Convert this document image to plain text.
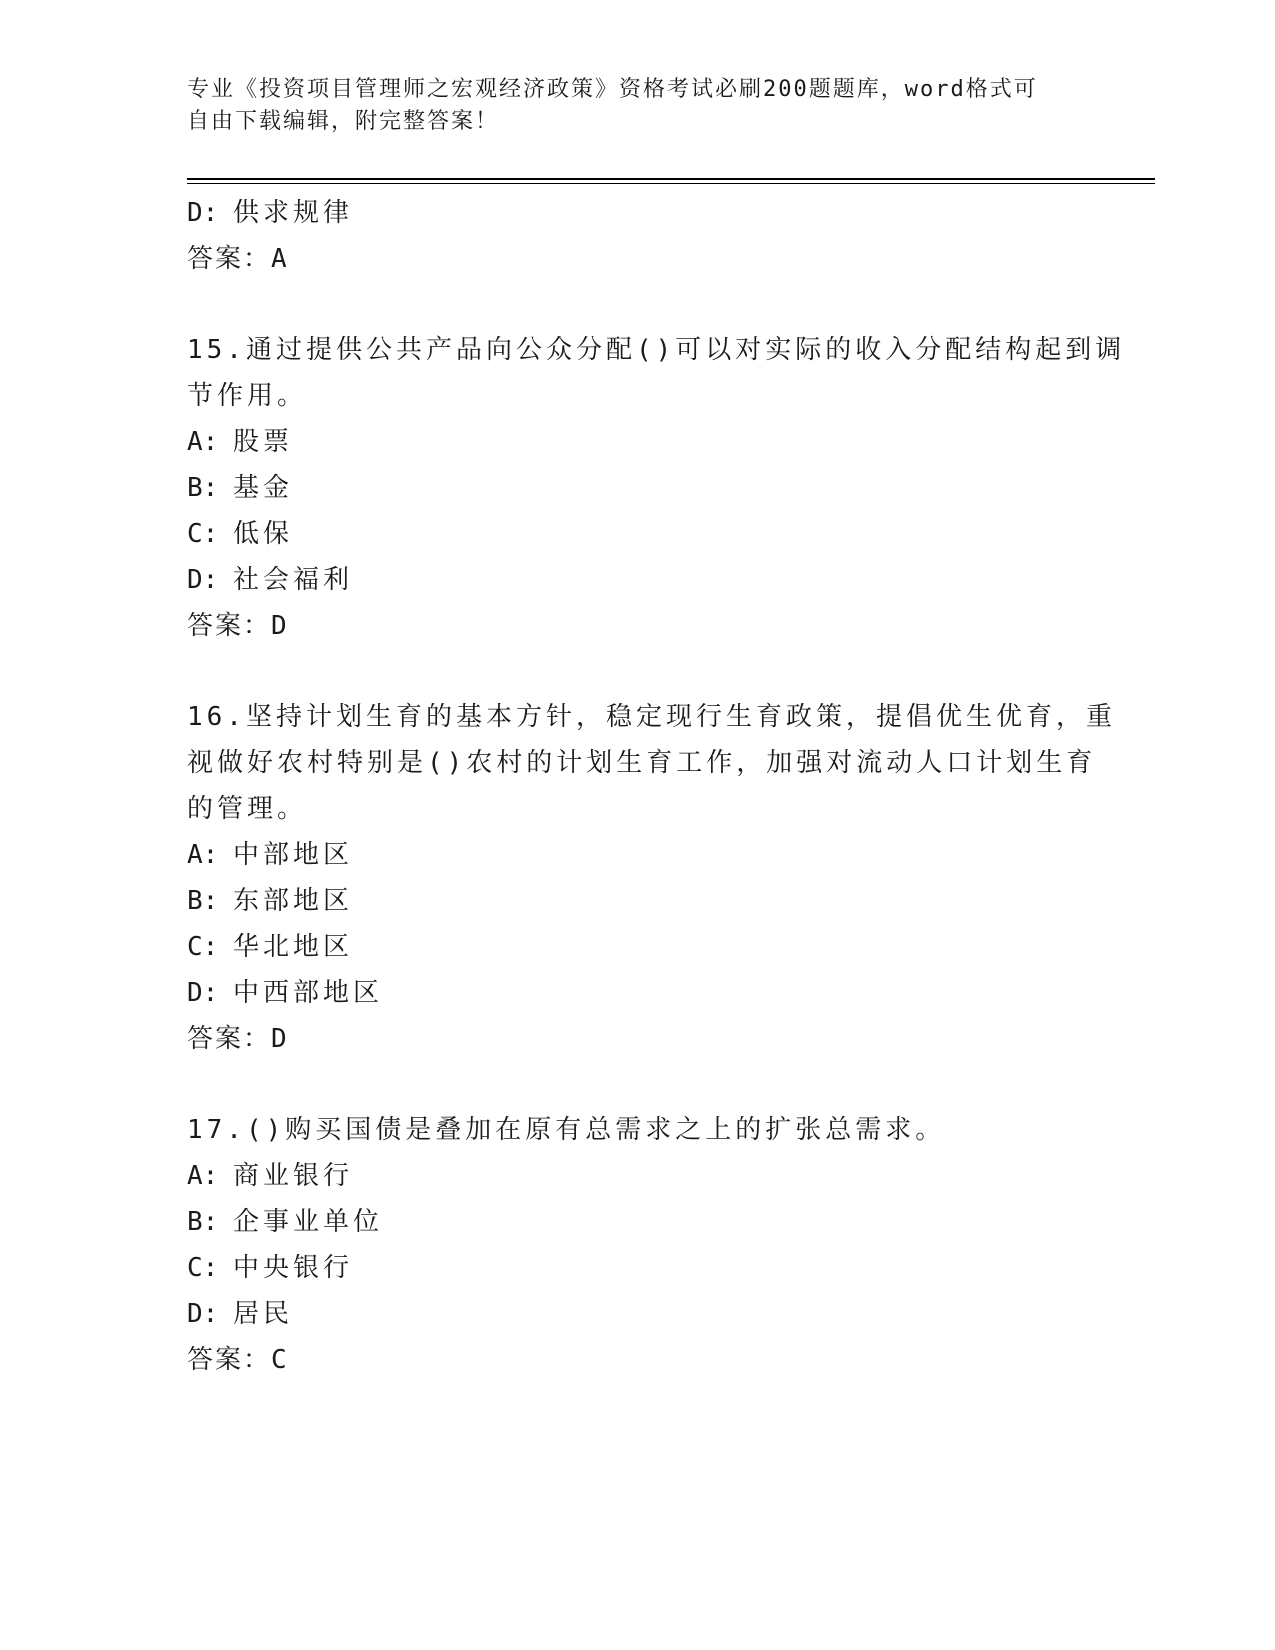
专业《投资项目管理师之宏观经济政策》资格考试必刷200题题库，word格式可
自由下载编辑，附完整答案！
D: 供求规律
答案：A
15.通过提供公共产品向公众分配()可以对实际的收入分配结构起到调
节作用。
A: 股票
B: 基金
C: 低保
D: 社会福利
答案：D
16.坚持计划生育的基本方针，稳定现行生育政策，提倡优生优育，重
视做好农村特别是()农村的计划生育工作，加强对流动人口计划生育
的管理。
A: 中部地区
B: 东部地区
C: 华北地区
D: 中西部地区
答案：D
17.()购买国债是叠加在原有总需求之上的扩张总需求。
A: 商业银行
B: 企事业单位
C: 中央银行
D: 居民
答案：C
